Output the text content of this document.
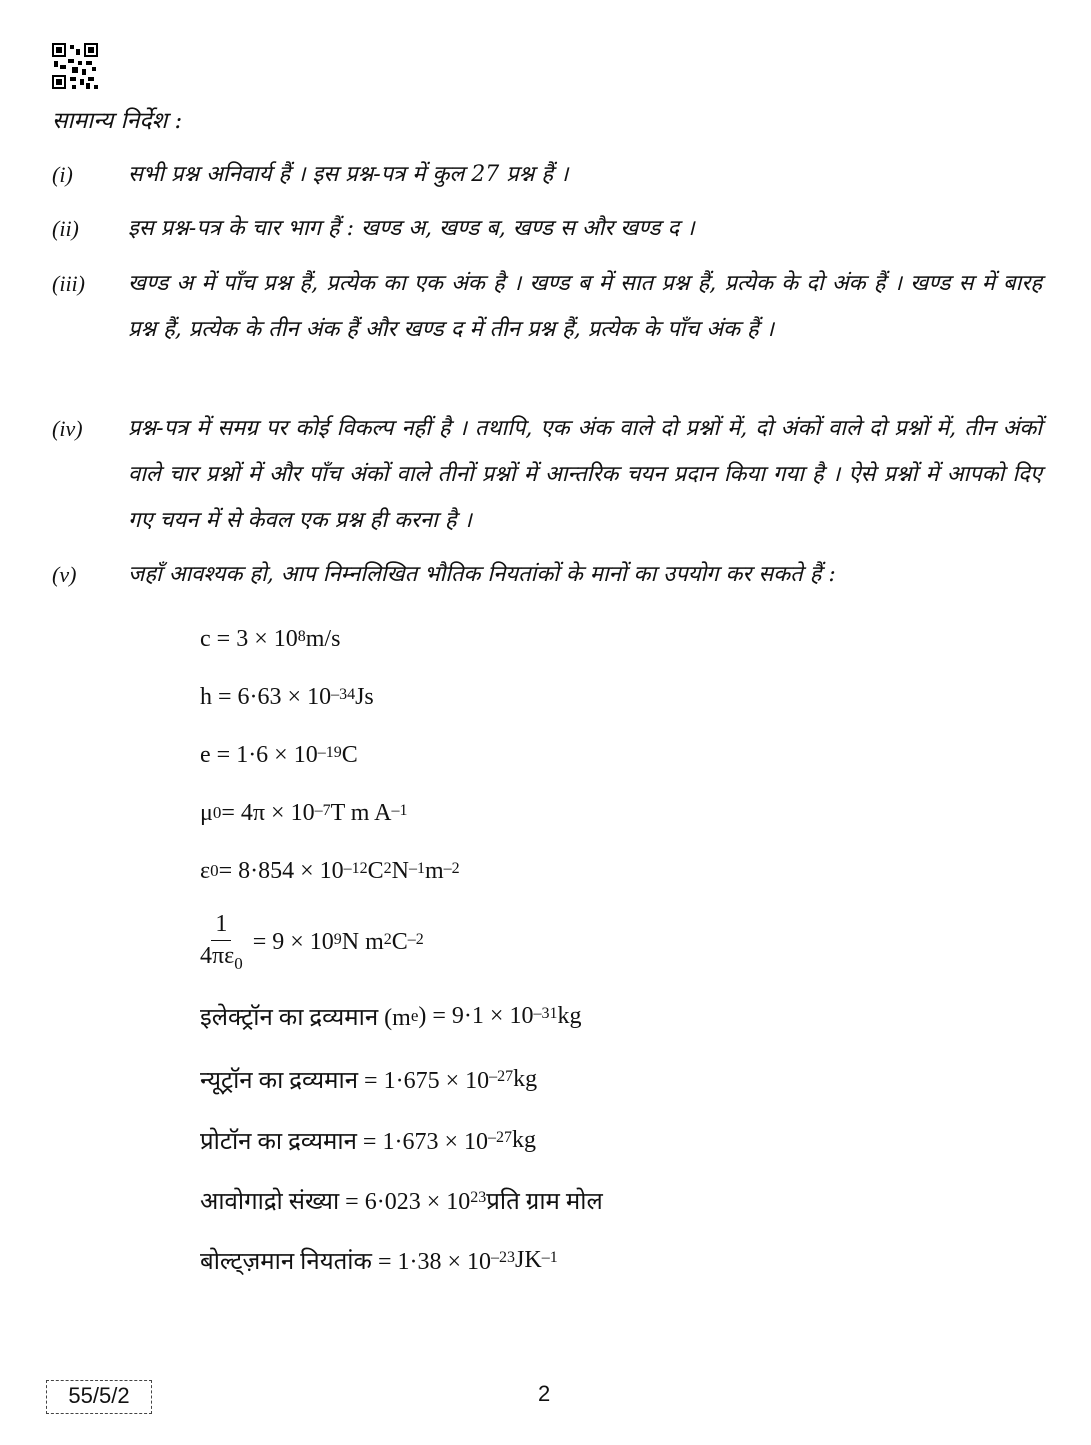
सामान्य निर्देश :
(i)	सभी प्रश्न अनिवार्य हैं । इस प्रश्न-पत्र में कुल 27 प्रश्न हैं ।
(ii) इस प्रश्न-पत्र के चार भाग हैं : खण्ड अ, खण्ड ब, खण्ड स और खण्ड द ।
(iii) खण्ड अ में पाँच प्रश्न हैं, प्रत्येक का एक अंक है । खण्ड ब में सात प्रश्न हैं, प्रत्येक के दो अंक हैं । खण्ड स में बारह प्रश्न हैं, प्रत्येक के तीन अंक हैं और खण्ड द में तीन प्रश्न हैं, प्रत्येक के पाँच अंक हैं ।
(iv) प्रश्न-पत्र में समग्र पर कोई विकल्प नहीं है । तथापि, एक अंक वाले दो प्रश्नों में, दो अंकों वाले दो प्रश्नों में, तीन अंकों वाले चार प्रश्नों में और पाँच अंकों वाले तीनों प्रश्नों में आन्तरिक चयन प्रदान किया गया है । ऐसे प्रश्नों में आपको दिए गए चयन में से केवल एक प्रश्न ही करना है ।
(v) जहाँ आवश्यक हो, आप निम्नलिखित भौतिक नियतांकों के मानों का उपयोग कर सकते हैं :
$c = 3 \times 10^8$ m/s
$h = 6\cdot 63 \times 10^{-34}$ Js
$e = 1\cdot 6 \times 10^{-19}$ C
μ $0 = 4\pi \times 10^{-7}$ T m $A^{-1}$
ε $0 = 8\cdot 854 \times 10^{-12}$ $C^2$ $N^{-1}$ $m^{-2}$
$\frac{1}{4\pi\varepsilon_0} = 9 \times 10^9$ N $m^2$ $C^{-2}$
इलेक्ट्रॉन का द्रव्यमान (m e ) = $9\cdot 1 \times 10^{-31}$ kg
न्यूट्रॉन का द्रव्यमान = $1\cdot 675 \times 10^{-27}$ kg
प्रोटॉन का द्रव्यमान = $1\cdot 673 \times 10^{-27}$ kg
आवोगाद्रो संख्या = $6\cdot 023 \times 10^{23}$ प्रति ग्राम मोल
बोल्ट्ज़मान नियतांक = $1\cdot 38 \times 10^{-23}$ $JK^{-1}$
55/5/2	2
